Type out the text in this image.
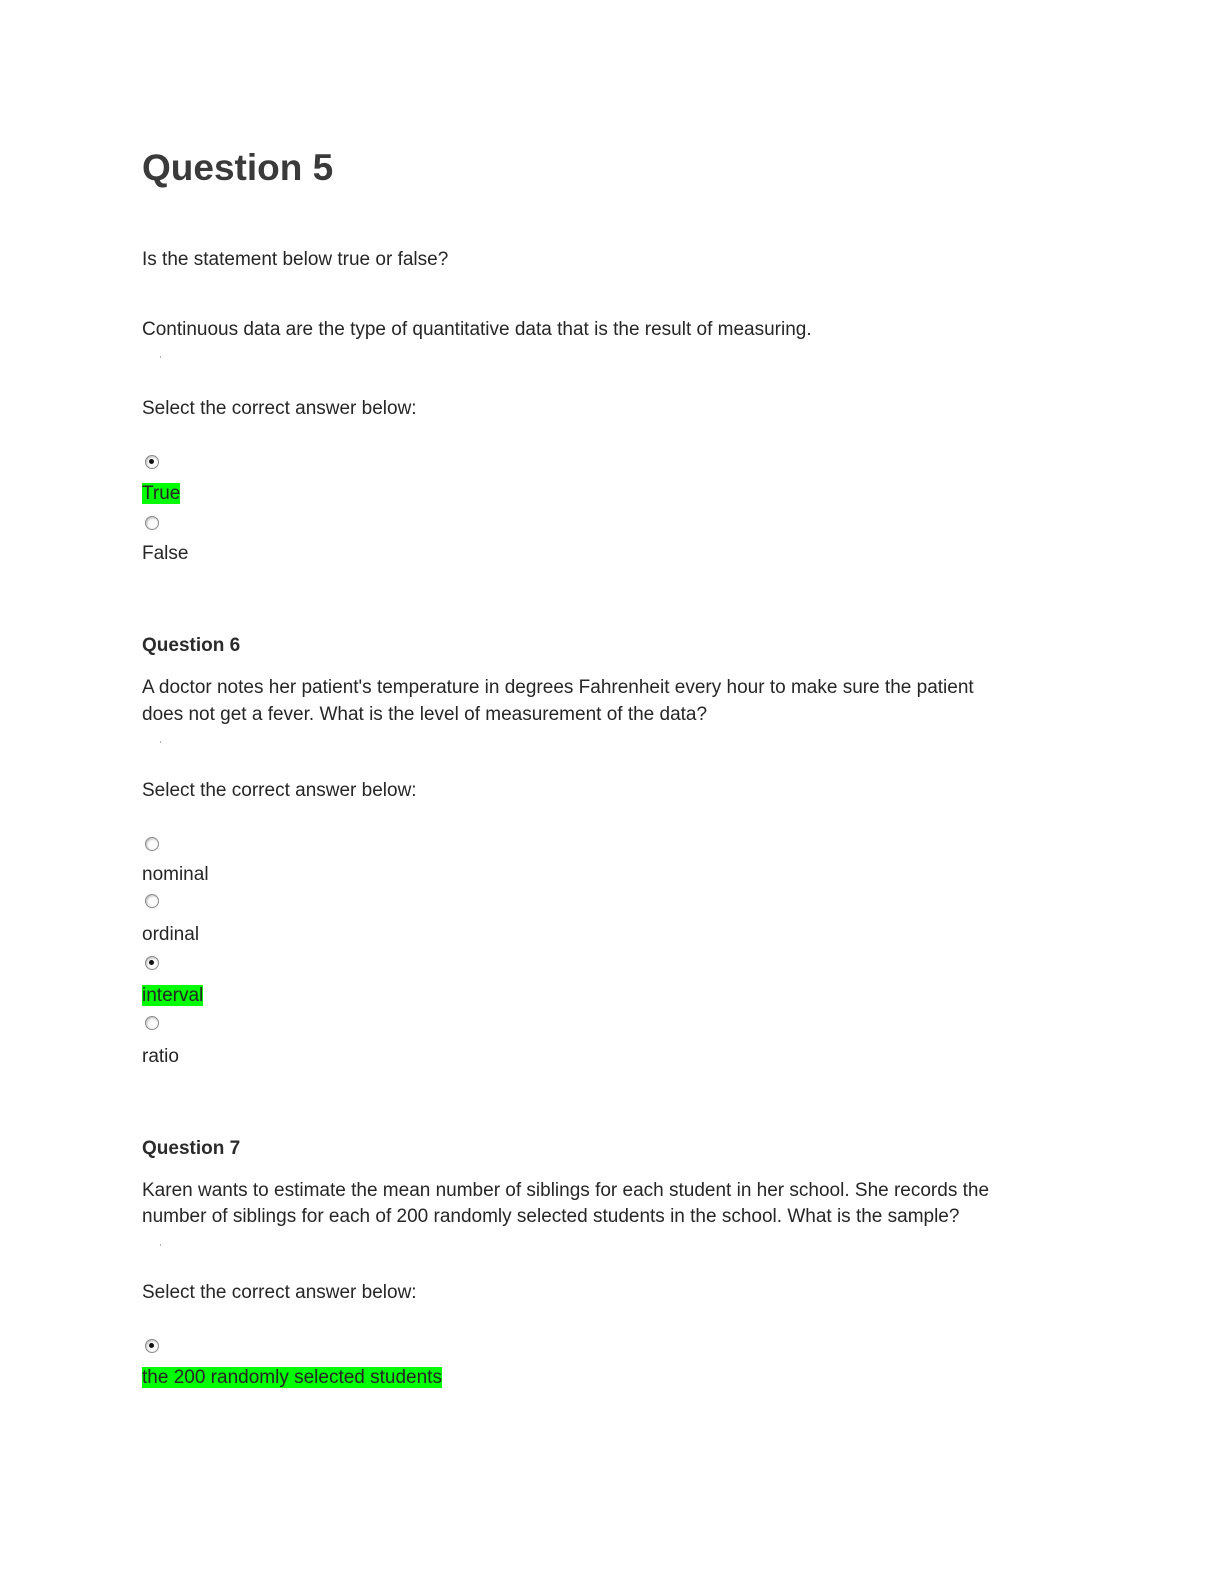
Question 5
Is the statement below true or false?
Continuous data are the type of quantitative data that is the result of measuring.
Select the correct answer below:
True
False
Question 6
A doctor notes her patient's temperature in degrees Fahrenheit every hour to make sure the patient
does not get a fever. What is the level of measurement of the data?
Select the correct answer below:
nominal
ordinal
interval
ratio
Question 7
Karen wants to estimate the mean number of siblings for each student in her school. She records the
number of siblings for each of 200 randomly selected students in the school. What is the sample?
Select the correct answer below:
the 200 randomly selected students
